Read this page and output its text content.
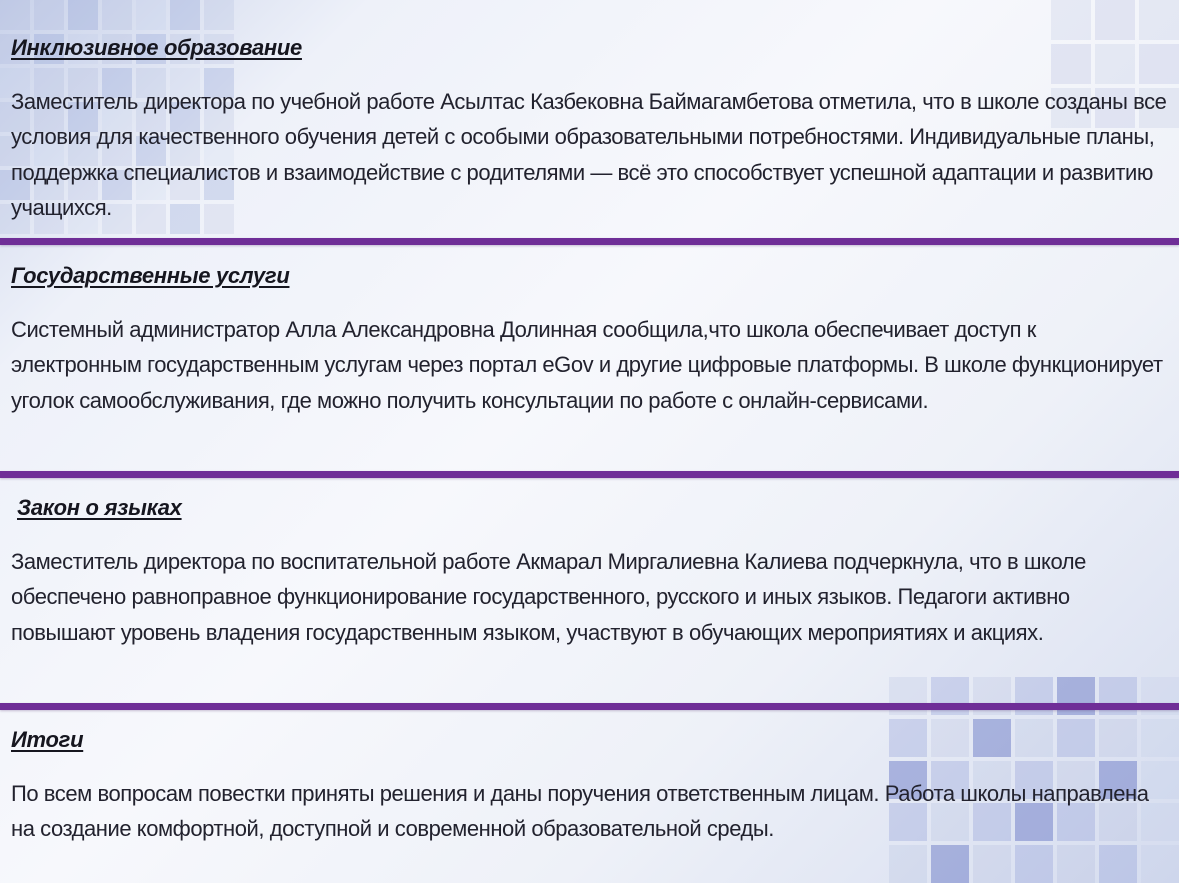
Инклюзивное образование

Заместитель директора по учебной работе Асылтас Казбековна Баймагамбетова отметила, что в школе созданы все условия для качественного обучения детей с особыми образовательными потребностями. Индивидуальные планы, поддержка специалистов и взаимодействие с родителями — всё это способствует успешной адаптации и развитию учащихся.

Государственные услуги

Системный администратор Алла Александровна Долинная сообщила,что школа обеспечивает доступ к электронным государственным услугам через портал eGov и другие цифровые платформы. В школе функционирует уголок самообслуживания, где можно получить консультации по работе с онлайн-сервисами.

Закон о языках

Заместитель директора по воспитательной работе Акмарал Миргалиевна Калиева подчеркнула, что в школе обеспечено равноправное функционирование государственного, русского и иных языков. Педагоги активно повышают уровень владения государственным языком, участвуют в обучающих мероприятиях и акциях.

Итоги

По всем вопросам повестки приняты решения и даны поручения ответственным лицам. Работа школы направлена на создание комфортной, доступной и современной образовательной среды.
